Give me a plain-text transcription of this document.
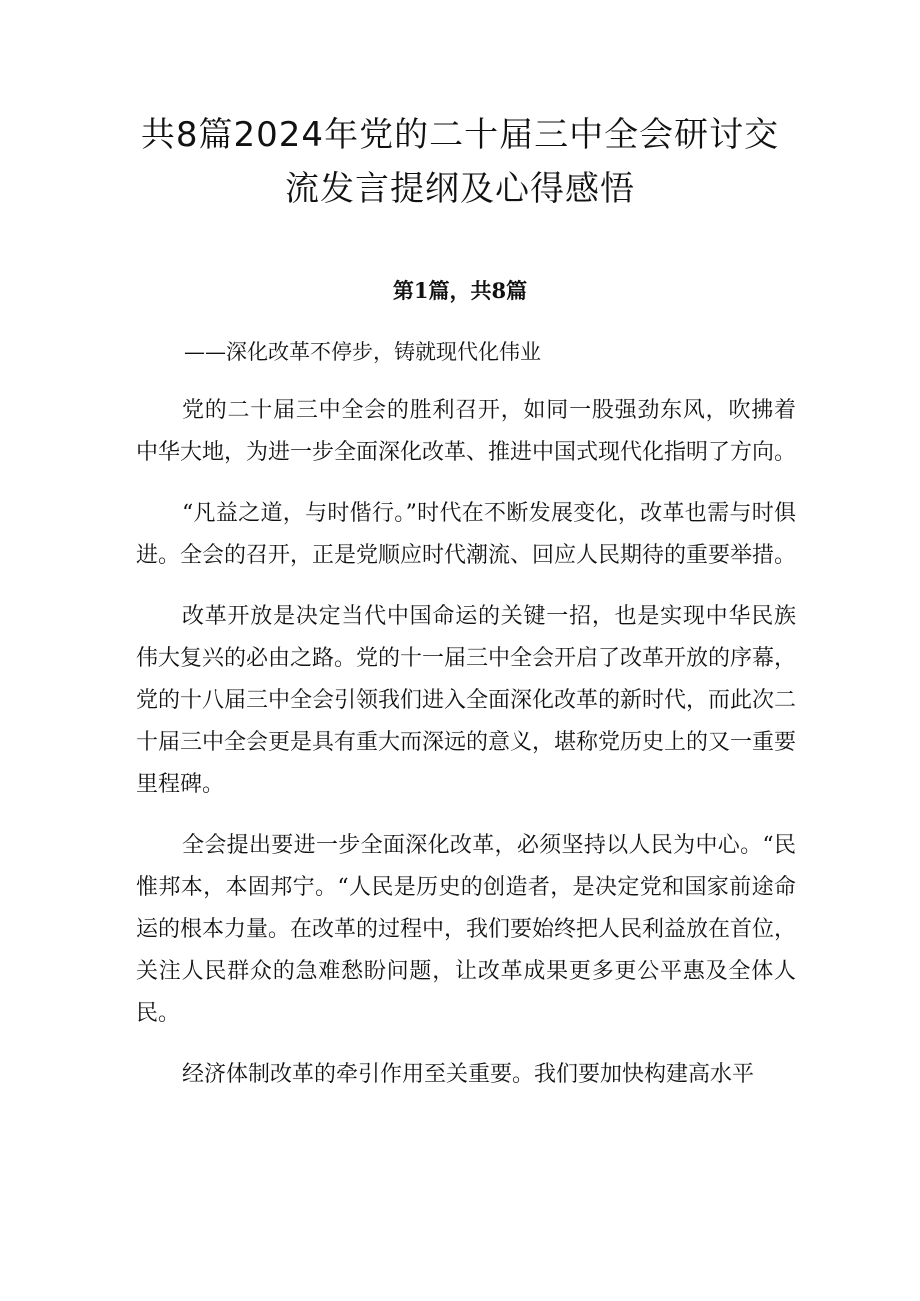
共8篇2024年党的二十届三中全会研讨交
流发言提纲及心得感悟
第1篇，共8篇
——深化改革不停步，铸就现代化伟业

党的二十届三中全会的胜利召开，如同一股强劲东风，吹拂着中华大地，为进一步全面深化改革、推进中国式现代化指明了方向。

“凡益之道，与时偕行。”时代在不断发展变化，改革也需与时俱进。全会的召开，正是党顺应时代潮流、回应人民期待的重要举措。

改革开放是决定当代中国命运的关键一招，也是实现中华民族伟大复兴的必由之路。党的十一届三中全会开启了改革开放的序幕，党的十八届三中全会引领我们进入全面深化改革的新时代，而此次二十届三中全会更是具有重大而深远的意义，堪称党历史上的又一重要里程碑。

全会提出要进一步全面深化改革，必须坚持以人民为中心。“民惟邦本，本固邦宁。“人民是历史的创造者，是决定党和国家前途命运的根本力量。在改革的过程中，我们要始终把人民利益放在首位，关注人民群众的急难愁盼问题，让改革成果更多更公平惠及全体人民。

经济体制改革的牵引作用至关重要。我们要加快构建高水平
